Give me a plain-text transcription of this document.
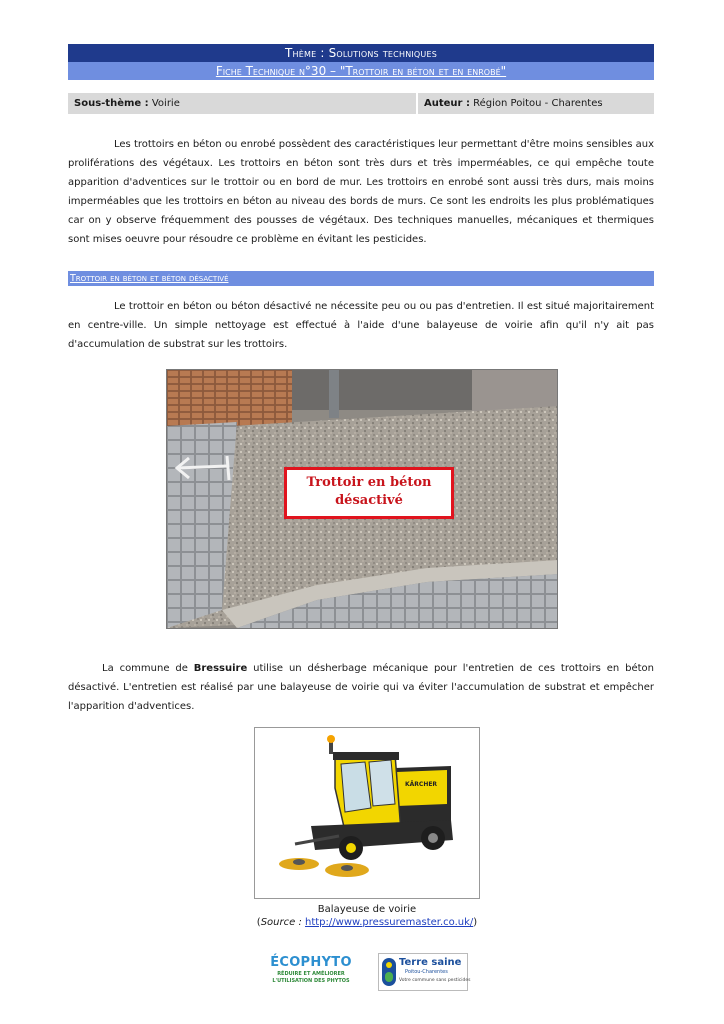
Thème : Solutions techniques
Fiche Technique n°30 – "Trottoir en béton et en enrobé"
Sous-thème : Voirie	Auteur : Région Poitou - Charentes
Les trottoirs en béton ou enrobé possèdent des caractéristiques leur permettant d'être moins sensibles aux proliférations des végétaux. Les trottoirs en béton sont très durs et très imperméables, ce qui empêche toute apparition d'adventices sur le trottoir ou en bord de mur. Les trottoirs en enrobé sont aussi très durs, mais moins imperméables que les trottoirs en béton au niveau des bords de murs. Ce sont les endroits les plus problématiques car on y observe fréquemment des pousses de végétaux. Des techniques manuelles, mécaniques et thermiques sont mises oeuvre pour résoudre ce problème en évitant les pesticides.
Trottoir en béton et béton désactivé
Le trottoir en béton ou béton désactivé ne nécessite peu ou ou pas d'entretien. Il est situé majoritairement en centre-ville. Un simple nettoyage est effectué à l'aide d'une balayeuse de voirie afin qu'il n'y ait pas d'accumulation de substrat sur les trottoirs.
Trottoir en béton
désactivé
La commune de Bressuire utilise un désherbage mécanique pour l'entretien de ces trottoirs en béton désactivé. L'entretien est réalisé par une balayeuse de voirie qui va éviter l'accumulation de substrat et empêcher l'apparition d'adventices.
KÄRCHER
Balayeuse de voirie
(Source : http://www.pressuremaster.co.uk/)
ÉCOPHYTO
RÉDUIRE ET AMÉLIORER
L'UTILISATION DES PHYTOS
Terre saine
Poitou-Charentes
Votre commune sans pesticides
